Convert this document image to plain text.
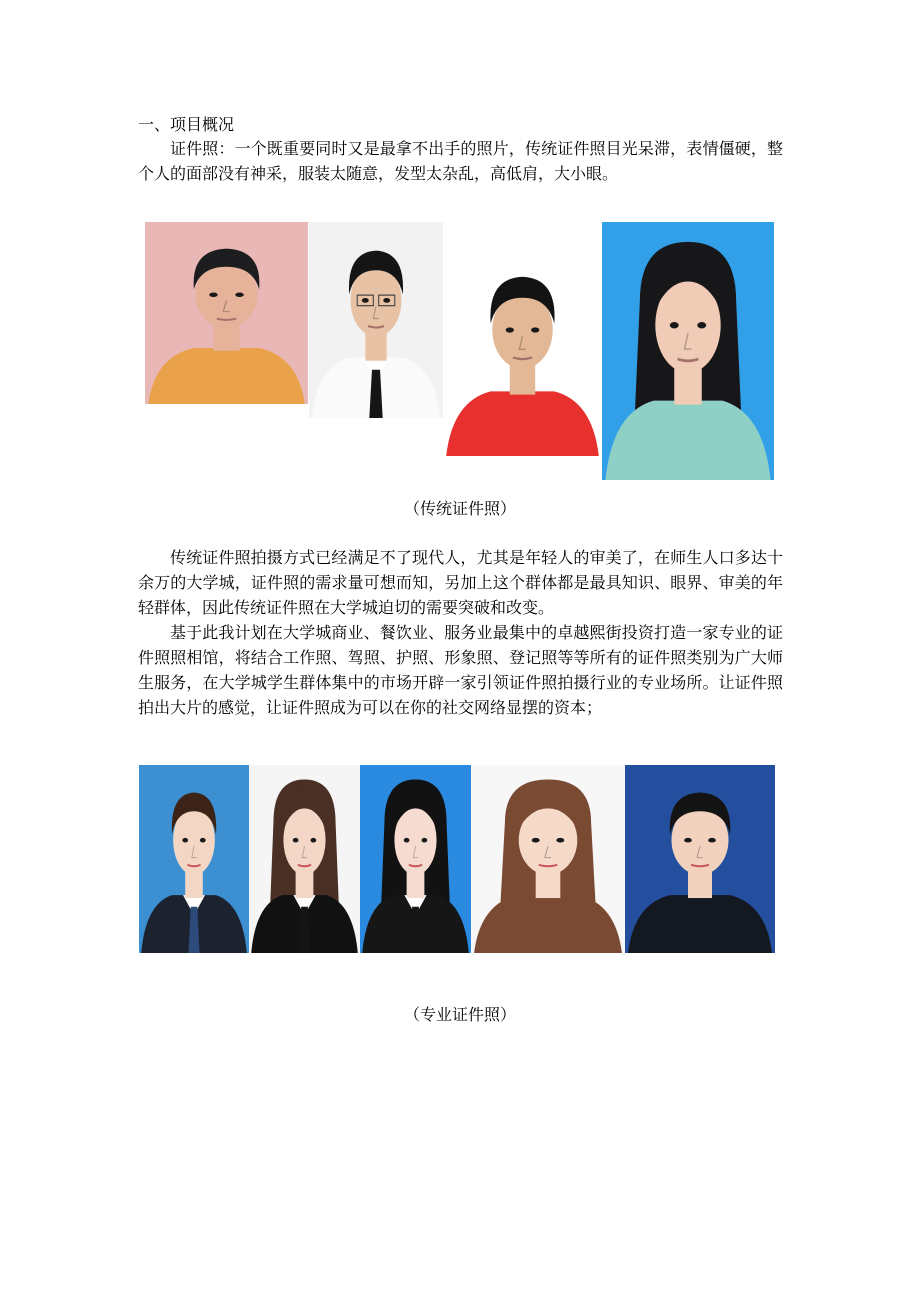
一、项目概况
证件照：一个既重要同时又是最拿不出手的照片，传统证件照目光呆滞，表情僵硬，整个人的面部没有神采，服装太随意，发型太杂乱，高低肩，大小眼。
（传统证件照）
传统证件照拍摄方式已经满足不了现代人，尤其是年轻人的审美了，在师生人口多达十余万的大学城，证件照的需求量可想而知，另加上这个群体都是最具知识、眼界、审美的年轻群体，因此传统证件照在大学城迫切的需要突破和改变。
基于此我计划在大学城商业、餐饮业、服务业最集中的卓越熙街投资打造一家专业的证件照照相馆，将结合工作照、驾照、护照、形象照、登记照等等所有的证件照类别为广大师生服务，在大学城学生群体集中的市场开辟一家引领证件照拍摄行业的专业场所。让证件照拍出大片的感觉，让证件照成为可以在你的社交网络显摆的资本；
（专业证件照）
